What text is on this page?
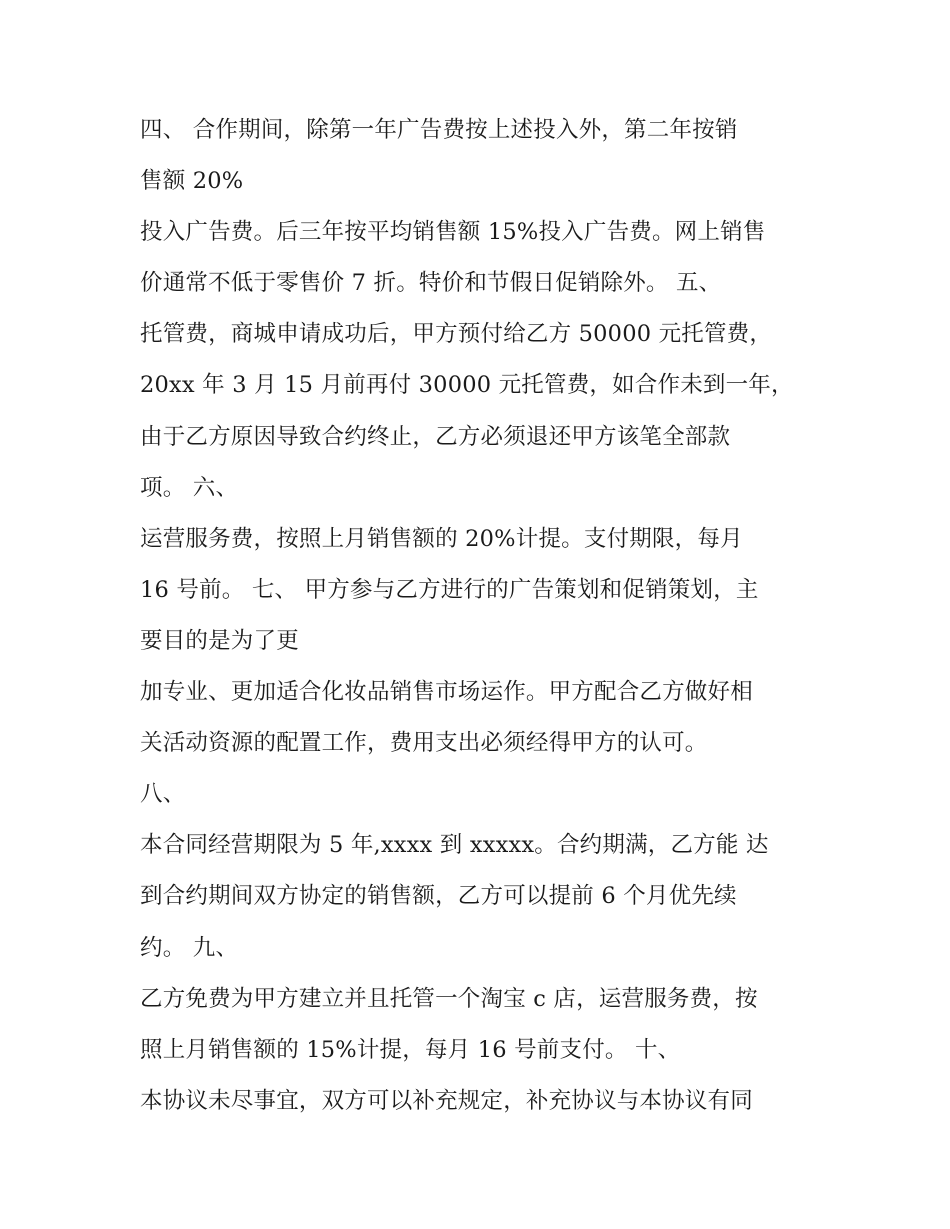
四、 合作期间，除第一年广告费按上述投入外，第二年按销
售额 20%
投入广告费。后三年按平均销售额 15%投入广告费。网上销售
价通常不低于零售价 7 折。特价和节假日促销除外。 五、
托管费，商城申请成功后，甲方预付给乙方 50000 元托管费，
20xx 年 3 月 15 月前再付 30000 元托管费，如合作未到一年，
由于乙方原因导致合约终止，乙方必须退还甲方该笔全部款
项。 六、
运营服务费，按照上月销售额的 20%计提。支付期限，每月
16 号前。 七、 甲方参与乙方进行的广告策划和促销策划，主
要目的是为了更
加专业、更加适合化妆品销售市场运作。甲方配合乙方做好相
关活动资源的配置工作，费用支出必须经得甲方的认可。
八、
本合同经营期限为 5 年,xxxx 到 xxxxx。合约期满，乙方能 达
到合约期间双方协定的销售额，乙方可以提前 6 个月优先续
约。 九、
乙方免费为甲方建立并且托管一个淘宝 c 店，运营服务费，按
照上月销售额的 15%计提，每月 16 号前支付。 十、
本协议未尽事宜，双方可以补充规定，补充协议与本协议有同
